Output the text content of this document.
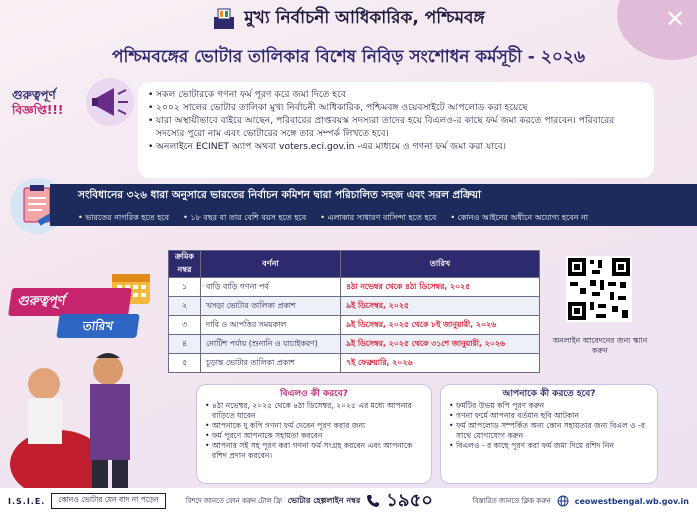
✕
মুখ্য নির্বাচনী আধিকারিক, পশ্চিমবঙ্গ
পশ্চিমবঙ্গের ভোটার তালিকার বিশেষ নিবিড় সংশোধন কর্মসূচী - ২০২৬
গুরুত্বপূর্ণ
বিজ্ঞপ্তি!!!
• সকল ভোটারকে গণনা ফর্ম পূরণ করে জমা দিতে হবে
• ২০০২ সালের ভোটার তালিকা মুখ্য নির্বাচনী আধিকারিক, পশ্চিমবঙ্গ ওয়েবসাইটে আপলোড করা হয়েছে
• যারা অস্থায়ীভাবে বাইরে আছেন, পরিবারের প্রাপ্তবয়স্ক সদস্যরা তাদের হয়ে বিএলও-র কাছে ফর্ম জমা করতে পারবেন। পরিবারের সদস্যের পুরো নাম এবং ভোটারের সঙ্গে তার সম্পর্ক লিখতে হবে।
• অনলাইনে ECINET অ্যাপ অথবা voters.eci.gov.in -এর মাধ্যমে ও গণনা ফর্ম জমা করা যাবে।
সংবিধানের ৩২৬ ধারা অনুসারে ভারতের নির্বাচন কমিশন দ্বারা পরিচালিত সহজ এবং সরল প্রক্রিয়া
• ভারতের নাগরিক হতে হবে	• ১৮ বছর বা তার বেশি বয়স হতে হবে	• এলাকার সাধারণ বাসিন্দা হতে হবে	• কোনও আইনের অধীনে অযোগ্য হবেন না
গুরুত্বপূর্ণ
তারিখ
ক্রমিক নম্বর	বর্ণনা	তারিখ
১	বাড়ি বাড়ি গণনা পর্ব	৪ঠা নভেম্বর থেকে ৪ঠা ডিসেম্বর, ২০২৫
২	খসড়া ভোটার তালিকা প্রকাশ	৯ই ডিসেম্বর, ২০২৫
৩	দাবি ও আপত্তির সময়কাল	৯ই ডিসেম্বর, ২০২৫ থেকে ৮ই জানুয়ারী, ২০২৬
৪	নোটিশ পর্যায় (শুনানি ও যাচাইকরণ)	৯ই ডিসেম্বর, ২০২৫ থেকে ৩১শে জানুয়ারী, ২০২৬
৫	চূড়ান্ত ভোটার তালিকা প্রকাশ	৭ই ফেব্রুয়ারি, ২০২৬
অনলাইন আবেদনের জন্য স্ক্যান করুন
বিএলও কী করবে?
• ৪ঠা নভেম্বর, ২০২৫ থেকে ৪ঠা ডিসেম্বর, ২০২৫ এর মধ্যে আপনার বাড়িতে যাবেন
• আপনাকে দু কপি গণনা ফর্ম দেবেন পূরণ করার জন্য
• ফর্ম পূরণে আপনাকে সহায়তা করবেন
• আপনার সই সহ পূরণ করা গণনা ফর্ম সংগ্রহ করবেন এবং আপনাকে রশিদ প্রদান করবেন।
আপনাকে কী করতে হবে?
• ফর্মটির উভয় কপি পূরণ করুন
• গণনা ফর্মে আপনার বর্তমান ছবি আটকান
• ফর্ম আপলোড সম্পর্কিত অন্য কোন সহায়তার জন্য বিএল ও -র সাথে যোগাযোগ করুন
• বিএলও - র কাছে পূরণ করা ফর্ম জমা দিয়ে রশিদ নিন
I.S.I.E.	কোনও ভোটার যেন বাদ না পড়েন	বিশদে জানতে ফোন করুন টোল ফ্রি ভোটার হেল্পলাইন নম্বর ১৯৫০	বিস্তারিত জানতে ক্লিক করুন	ceowestbengal.wb.gov.in
